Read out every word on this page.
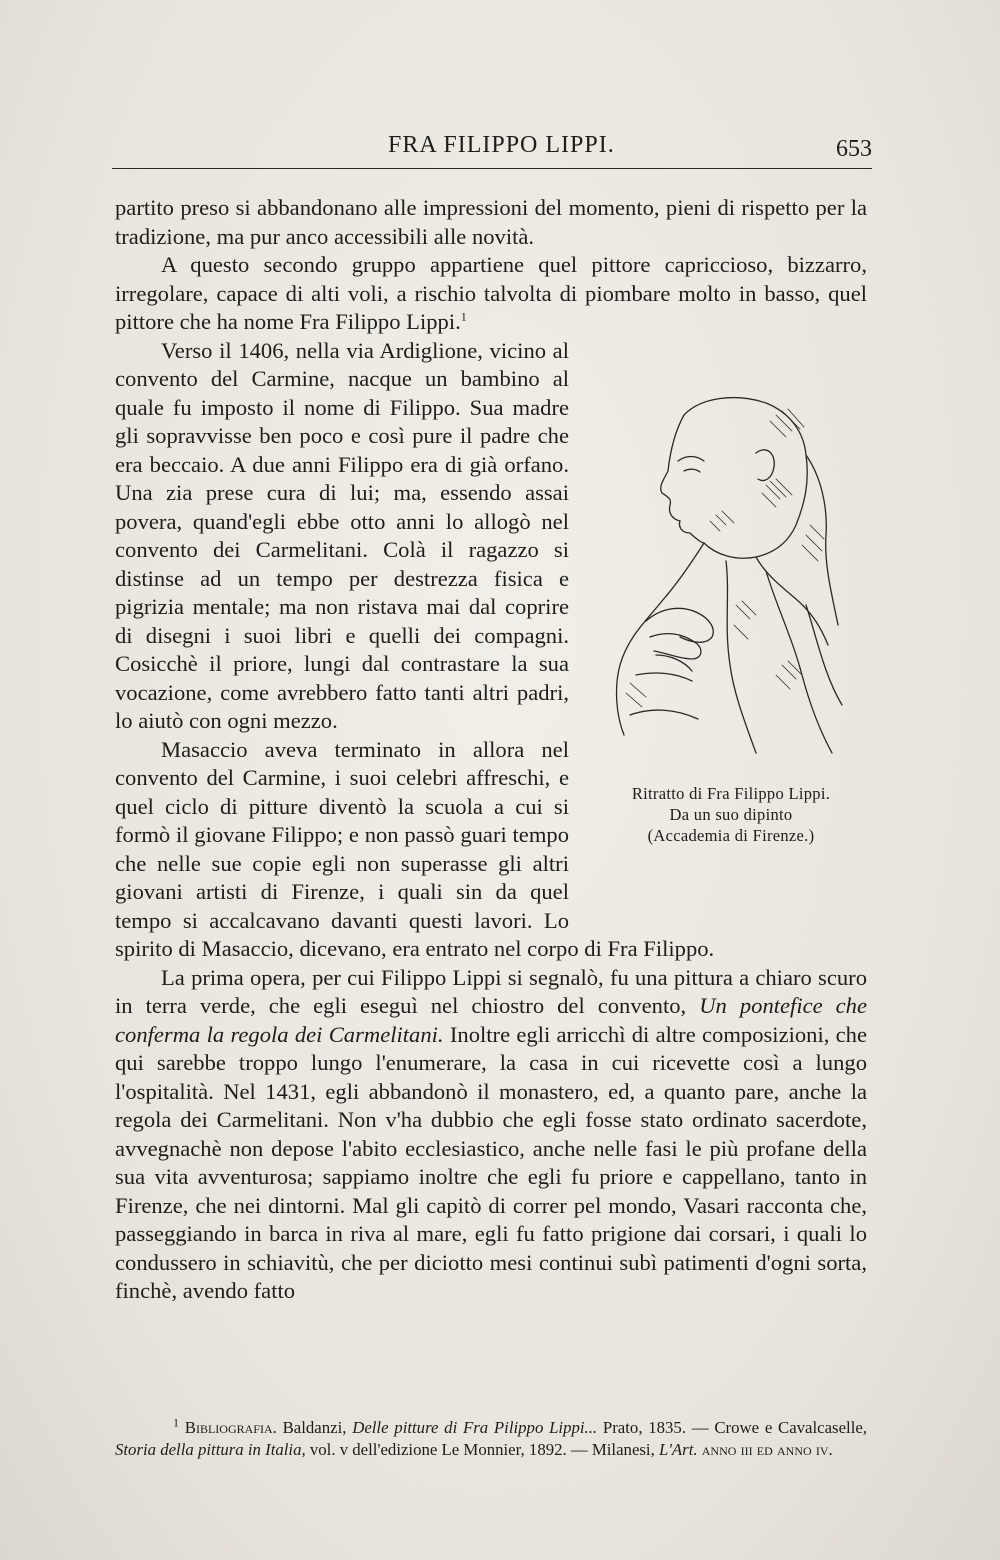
FRA FILIPPO LIPPI.	653

partito preso si abbandonano alle impressioni del momento, pieni di rispetto per la tradizione, ma pur anco accessibili alle novità.

A questo secondo gruppo appartiene quel pittore capriccioso, bizzarro, irregolare, capace di alti voli, a rischio talvolta di piombare molto in basso, quel pittore che ha nome Fra Filippo Lippi.$^1$

Ritratto di Fra Filippo Lippi.
Da un suo dipinto
(Accademia di Firenze.)

Verso il 1406, nella via Ardiglione, vicino al convento del Carmine, nacque un bambino al quale fu imposto il nome di Filippo. Sua madre gli sopravvisse ben poco e così pure il padre che era beccaio. A due anni Filippo era di già orfano. Una zia prese cura di lui; ma, essendo assai povera, quand'egli ebbe otto anni lo allogò nel convento dei Carmelitani. Colà il ragazzo si distinse ad un tempo per destrezza fisica e pigrizia mentale; ma non ristava mai dal coprire di disegni i suoi libri e quelli dei compagni. Cosicchè il priore, lungi dal contrastare la sua vocazione, come avrebbero fatto tanti altri padri, lo aiutò con ogni mezzo.

Masaccio aveva terminato in allora nel convento del Carmine, i suoi celebri affreschi, e quel ciclo di pitture diventò la scuola a cui si formò il giovane Filippo; e non passò guari tempo che nelle sue copie egli non superasse gli altri giovani artisti di Firenze, i quali sin da quel tempo si accalcavano davanti questi lavori. Lo spirito di Masaccio, dicevano, era entrato nel corpo di Fra Filippo.

La prima opera, per cui Filippo Lippi si segnalò, fu una pittura a chiaro scuro in terra verde, che egli eseguì nel chiostro del convento, Un pontefice che conferma la regola dei Carmelitani. Inoltre egli arricchì di altre composizioni, che qui sarebbe troppo lungo l'enumerare, la casa in cui ricevette così a lungo l'ospitalità. Nel 1431, egli abbandonò il monastero, ed, a quanto pare, anche la regola dei Carmelitani. Non v'ha dubbio che egli fosse stato ordinato sacerdote, avvegnachè non depose l'abito ecclesiastico, anche nelle fasi le più profane della sua vita avventurosa; sappiamo inoltre che egli fu priore e cappellano, tanto in Firenze, che nei dintorni. Mal gli capitò di correr pel mondo, Vasari racconta che, passeggiando in barca in riva al mare, egli fu fatto prigione dai corsari, i quali lo condussero in schiavitù, che per diciotto mesi continui subì patimenti d'ogni sorta, finchè, avendo fatto

$^1$ Bibliografia. Baldanzi, Delle pitture di Fra Pilippo Lippi... Prato, 1835. — Crowe e Cavalcaselle, Storia della pittura in Italia, vol. v dell'edizione Le Monnier, 1892. — Milanesi, L'Art. anno iii ed anno iv.
